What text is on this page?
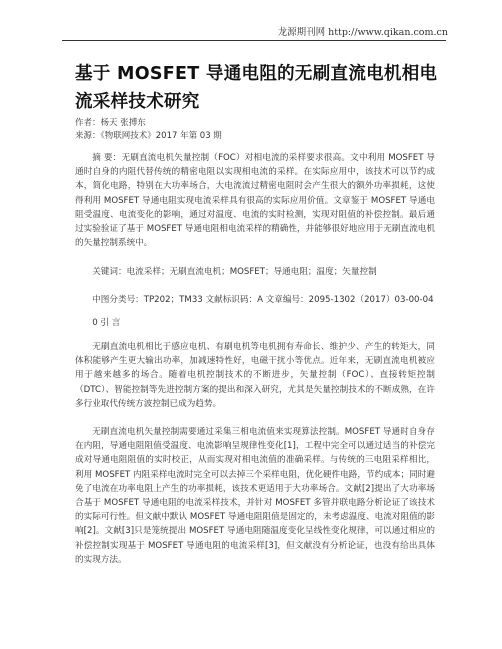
龙源期刊网 http://www.qikan.com.cn
基于 MOSFET 导通电阻的无刷直流电机相电流采样技术研究
作者：杨天 张搏东
来源：《物联网技术》2017 年第 03 期

摘 要：无刷直流电机矢量控制（FOC）对相电流的采样要求很高。文中利用 MOSFET 导通时自身的内阻代替传统的精密电阻以实现相电流的采样。在实际应用中，该技术可以节约成本，简化电路，特别在大功率场合，大电流流过精密电阻时会产生很大的额外功率损耗，这使得利用 MOSFET 导通电阻实现电流采样具有很高的实际应用价值。文章鉴于 MOSFET 导通电阻受温度、电流变化的影响，通过对温度、电流的实时检测，实现对阻值的补偿控制。最后通过实验验证了基于 MOSFET 导通电阻相电流采样的精确性，并能够很好地应用于无刷直流电机的矢量控制系统中。

关键词：电流采样；无刷直流电机；MOSFET；导通电阻；温度；矢量控制

中图分类号：TP202；TM33 文献标识码：A 文章编号：2095-1302（2017）03-00-04

0 引 言

无刷直流电机相比于感应电机、有刷电机等电机拥有寿命长、维护少、产生的转矩大，同体积能够产生更大输出功率，加减速特性好，电磁干扰小等优点。近年来，无刷直流电机被应用于越来越多的场合。随着电机控制技术的不断进步，矢量控制（FOC）、直接转矩控制（DTC）、智能控制等先进控制方案的提出和深入研究，尤其是矢量控制技术的不断成熟，在许多行业取代传统方波控制已成为趋势。

无刷直流电机矢量控制需要通过采集三相电流值来实现算法控制。MOSFET 导通时自身存在内阻，导通电阻阻值受温度、电流影响呈规律性变化[1]，工程中完全可以通过适当的补偿完成对导通电阻阻值的实时校正，从而实现对相电流值的准确采样。与传统的三电阻采样相比，利用 MOSFET 内阻采样电流时完全可以去掉三个采样电阻，优化硬件电路，节约成本；同时避免了电流在功率电阻上产生的功率损耗，该技术更适用于大功率场合。文献[2]提出了大功率场合基于 MOSFET 导通电阻的电流采样技术，并针对 MOSFET 多管并联电路分析论证了该技术的实际可行性。但文献中默认 MOSFET 导通电阻阻值是固定的，未考虑温度、电流对阻值的影响[2]。文献[3]只是笼统提出 MOSFET 导通电阻随温度变化呈线性变化规律，可以通过相应的补偿控制实现基于 MOSFET 导通电阻的电流采样[3]，但文献没有分析论证，也没有给出具体的实现方法。
